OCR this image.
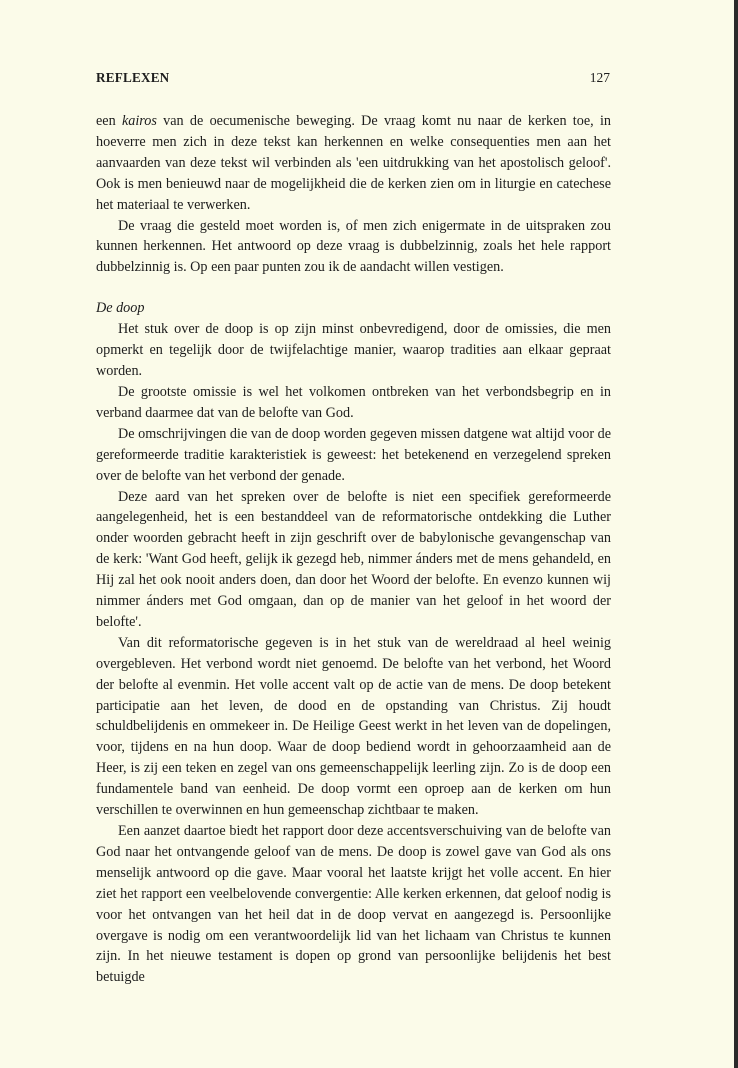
REFLEXEN	127

een kairos van de oecumenische beweging. De vraag komt nu naar de kerken toe, in hoeverre men zich in deze tekst kan herkennen en welke consequenties men aan het aanvaarden van deze tekst wil verbinden als 'een uitdrukking van het apostolisch geloof'. Ook is men benieuwd naar de mogelijkheid die de kerken zien om in liturgie en catechese het materiaal te verwerken.

De vraag die gesteld moet worden is, of men zich enigermate in de uitspraken zou kunnen herkennen. Het antwoord op deze vraag is dubbelzinnig, zoals het hele rapport dubbelzinnig is. Op een paar punten zou ik de aandacht willen vestigen.

De doop

Het stuk over de doop is op zijn minst onbevredigend, door de omissies, die men opmerkt en tegelijk door de twijfelachtige manier, waarop tradities aan elkaar gepraat worden.

De grootste omissie is wel het volkomen ontbreken van het verbondsbegrip en in verband daarmee dat van de belofte van God.

De omschrijvingen die van de doop worden gegeven missen datgene wat altijd voor de gereformeerde traditie karakteristiek is geweest: het betekenend en verzegelend spreken over de belofte van het verbond der genade.

Deze aard van het spreken over de belofte is niet een specifiek gereformeerde aangelegenheid, het is een bestanddeel van de reformatorische ontdekking die Luther onder woorden gebracht heeft in zijn geschrift over de babylonische gevangenschap van de kerk: 'Want God heeft, gelijk ik gezegd heb, nimmer ánders met de mens gehandeld, en Hij zal het ook nooit anders doen, dan door het Woord der belofte. En evenzo kunnen wij nimmer ánders met God omgaan, dan op de manier van het geloof in het woord der belofte'.

Van dit reformatorische gegeven is in het stuk van de wereldraad al heel weinig overgebleven. Het verbond wordt niet genoemd. De belofte van het verbond, het Woord der belofte al evenmin. Het volle accent valt op de actie van de mens. De doop betekent participatie aan het leven, de dood en de opstanding van Christus. Zij houdt schuldbelijdenis en ommekeer in. De Heilige Geest werkt in het leven van de dopelingen, voor, tijdens en na hun doop. Waar de doop bediend wordt in gehoorzaamheid aan de Heer, is zij een teken en zegel van ons gemeenschappelijk leerling zijn. Zo is de doop een fundamentele band van eenheid. De doop vormt een oproep aan de kerken om hun verschillen te overwinnen en hun gemeenschap zichtbaar te maken.

Een aanzet daartoe biedt het rapport door deze accentsverschuiving van de belofte van God naar het ontvangende geloof van de mens. De doop is zowel gave van God als ons menselijk antwoord op die gave. Maar vooral het laatste krijgt het volle accent. En hier ziet het rapport een veelbelovende convergentie: Alle kerken erkennen, dat geloof nodig is voor het ontvangen van het heil dat in de doop vervat en aangezegd is. Persoonlijke overgave is nodig om een verantwoordelijk lid van het lichaam van Christus te kunnen zijn. In het nieuwe testament is dopen op grond van persoonlijke belijdenis het best betuigde
